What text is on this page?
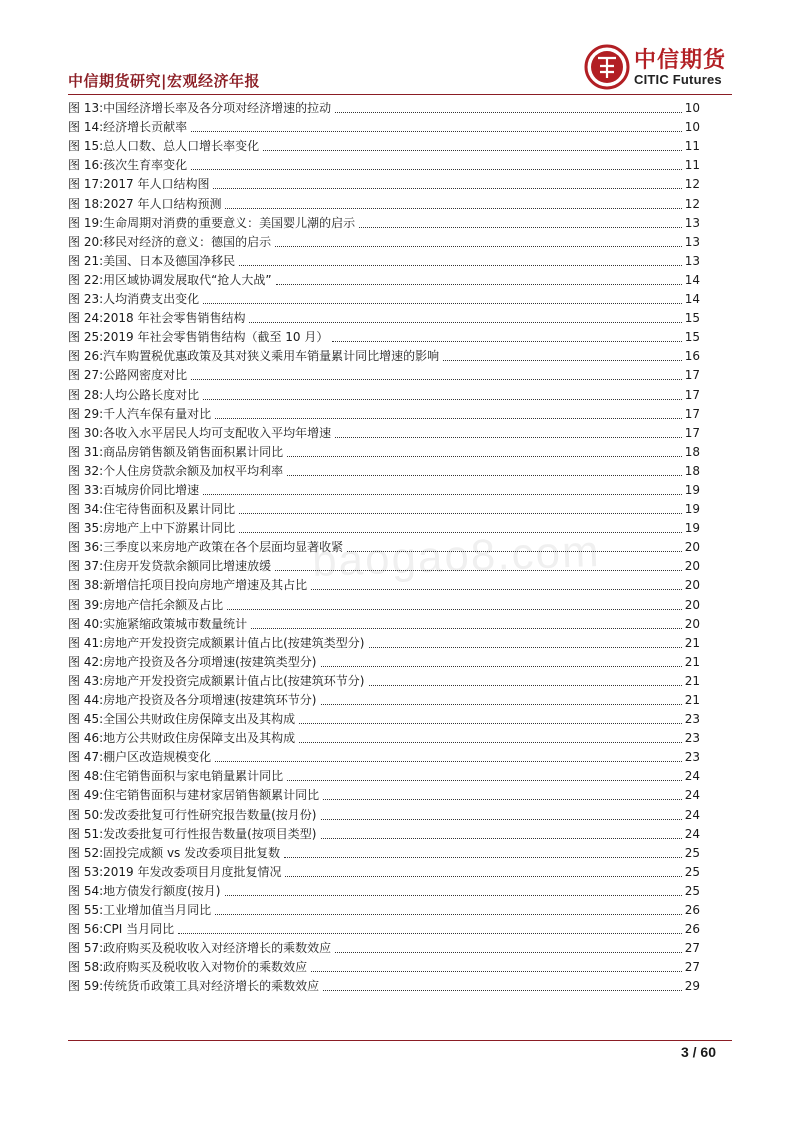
中信期货研究|宏观经济年报
中信期货
CITIC Futures
图 13:中国经济增长率及各分项对经济增速的拉动	10
图 14:经济增长贡献率	10
图 15:总人口数、总人口增长率变化	11
图 16:孩次生育率变化	11
图 17:2017 年人口结构图	12
图 18:2027 年人口结构预测	12
图 19:生命周期对消费的重要意义：美国婴儿潮的启示	13
图 20:移民对经济的意义：德国的启示	13
图 21:美国、日本及德国净移民	13
图 22:用区域协调发展取代“抢人大战”	14
图 23:人均消费支出变化	14
图 24:2018 年社会零售销售结构	15
图 25:2019 年社会零售销售结构（截至 10 月）	15
图 26:汽车购置税优惠政策及其对狭义乘用车销量累计同比增速的影响	16
图 27:公路网密度对比	17
图 28:人均公路长度对比	17
图 29:千人汽车保有量对比	17
图 30:各收入水平居民人均可支配收入平均年增速	17
图 31:商品房销售额及销售面积累计同比	18
图 32:个人住房贷款余额及加权平均利率	18
图 33:百城房价同比增速	19
图 34:住宅待售面积及累计同比	19
图 35:房地产上中下游累计同比	19
图 36:三季度以来房地产政策在各个层面均显著收紧	20
图 37:住房开发贷款余额同比增速放缓	20
图 38:新增信托项目投向房地产增速及其占比	20
图 39:房地产信托余额及占比	20
图 40:实施紧缩政策城市数量统计	20
图 41:房地产开发投资完成额累计值占比(按建筑类型分)	21
图 42:房地产投资及各分项增速(按建筑类型分)	21
图 43:房地产开发投资完成额累计值占比(按建筑环节分)	21
图 44:房地产投资及各分项增速(按建筑环节分)	21
图 45:全国公共财政住房保障支出及其构成	23
图 46:地方公共财政住房保障支出及其构成	23
图 47:棚户区改造规模变化	23
图 48:住宅销售面积与家电销量累计同比	24
图 49:住宅销售面积与建材家居销售额累计同比	24
图 50:发改委批复可行性研究报告数量(按月份)	24
图 51:发改委批复可行性报告数量(按项目类型)	24
图 52:固投完成额 vs 发改委项目批复数	25
图 53:2019 年发改委项目月度批复情况	25
图 54:地方债发行额度(按月)	25
图 55:工业增加值当月同比	26
图 56:CPI 当月同比	26
图 57:政府购买及税收收入对经济增长的乘数效应	27
图 58:政府购买及税收收入对物价的乘数效应	27
图 59:传统货币政策工具对经济增长的乘数效应	29
baogao8.com
3 / 60
